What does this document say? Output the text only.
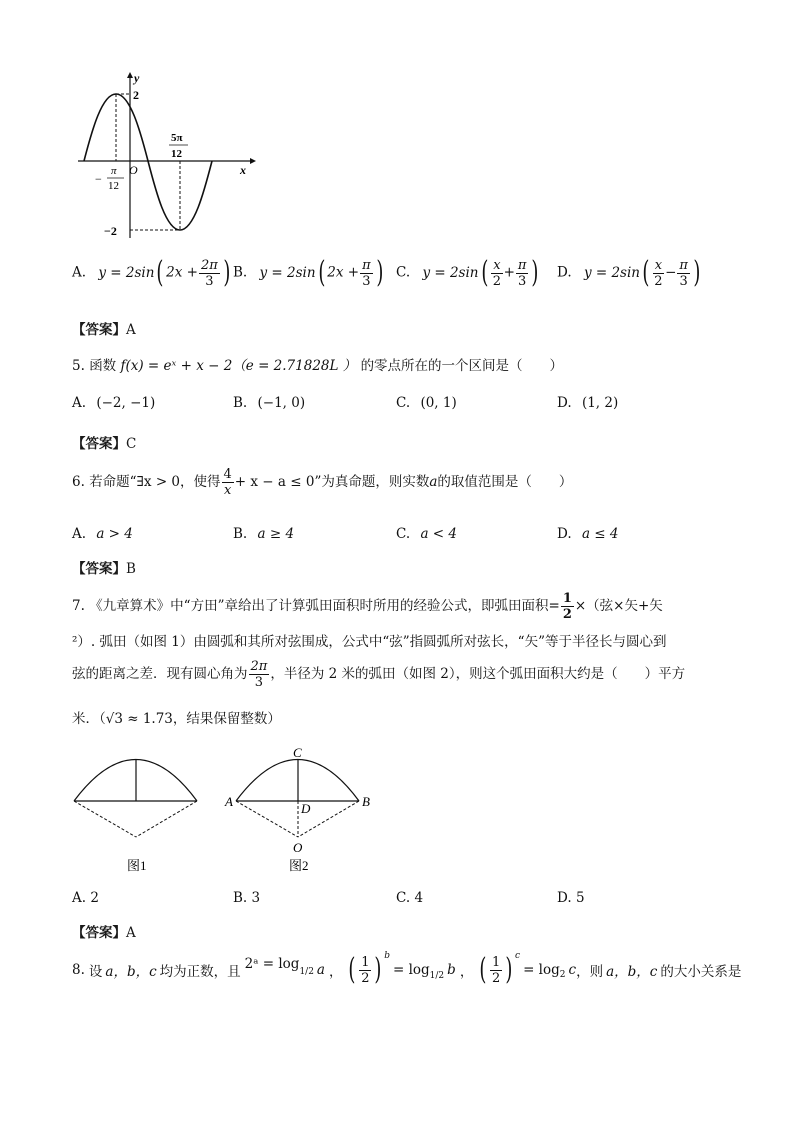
y
x
O
2
−2
−
π
12
5π
12
A. y = 2sin( $2x + \frac{2\pi}{3}$ ) B. y = 2sin( $2x + \frac{\pi}{3}$ ) C. $y = 2\sin( \frac{x}{2} + \frac{\pi}{3}$ ) D. $y = 2\sin( \frac{x}{2} - \frac{\pi}{3}$ )
【答案】A
5. 函数 f(x) = eˣ + x − 2（e = 2.71828L ） 的零点所在的一个区间是（　　）
A. (−2, −1)	B. (−1, 0)	C. (0, 1)	D. (1, 2)
【答案】C
6. 若命题“∃x > 0，使得 $\frac{4}{x} + x - a \le 0$”为真命题，则实数a的取值范围是（　　）
A. a > 4	B. a ≥ 4	C. a < 4	D. a ≤ 4
【答案】B
7. 《九章算术》中“方田”章给出了计算弧田面积时所用的经验公式，即弧田面积= $\frac{1}{2}$ ×（弦×矢+矢
²）. 弧田（如图 1）由圆弧和其所对弦围成，公式中“弦”指圆弧所对弦长，“矢”等于半径长与圆心到
弦的距离之差．现有圆心角为 $\frac{2\pi}{3}$ ，半径为 2 米的弧田（如图 2），则这个弧田面积大约是（　　）平方
米．（√3 ≈ 1.73，结果保留整数）
图1
C
A	B
D
O
图2
A. 2	B. 3	C. 4	D. 5
【答案】A
8. 设 a，b，c 均为正数，且 2ᵃ = log 1/2 a ， ( $\frac{1}{2}$ ) b
= log 1/2 b ， ( $\frac{1}{2}$ ) c
= log 2 c ，则 a，b，c 的大小关系是
